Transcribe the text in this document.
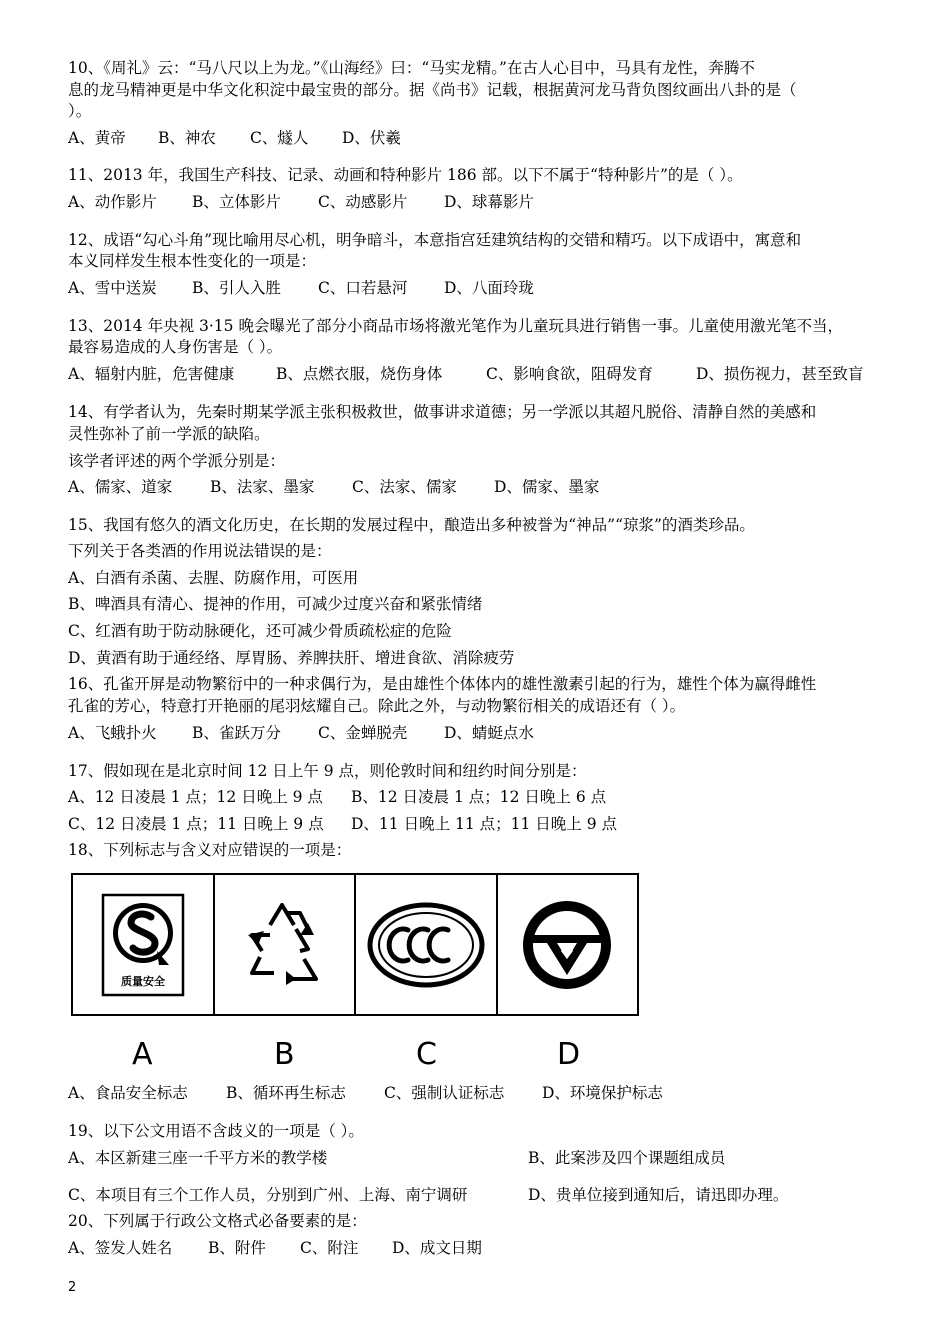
10、《周礼》云：“马八尺以上为龙。”《山海经》曰：“马实龙精。”在古人心目中，马具有龙性，奔腾不
息的龙马精神更是中华文化积淀中最宝贵的部分。据《尚书》记载，根据黄河龙马背负图纹画出八卦的是（
）。
A、黄帝 B、神农 C、燧人 D、伏羲
11、2013 年，我国生产科技、记录、动画和特种影片 186 部。以下不属于“特种影片”的是（ ）。
A、动作影片 B、立体影片 C、动感影片 D、球幕影片
12、成语“勾心斗角”现比喻用尽心机，明争暗斗，本意指宫廷建筑结构的交错和精巧。以下成语中，寓意和
本义同样发生根本性变化的一项是：
A、雪中送炭 B、引人入胜 C、口若悬河 D、八面玲珑
13、2014 年央视 3·15 晚会曝光了部分小商品市场将激光笔作为儿童玩具进行销售一事。儿童使用激光笔不当，
最容易造成的人身伤害是（ ）。
A、辐射内脏，危害健康	B、点燃衣服，烧伤身体	C、影响食欲，阻碍发育	D、损伤视力，甚至致盲
14、有学者认为，先秦时期某学派主张积极救世，做事讲求道德；另一学派以其超凡脱俗、清静自然的美感和
灵性弥补了前一学派的缺陷。
该学者评述的两个学派分别是：
A、儒家、道家 B、法家、墨家 C、法家、儒家 D、儒家、墨家
15、我国有悠久的酒文化历史，在长期的发展过程中，酿造出多种被誉为“神品”“琼浆”的酒类珍品。
下列关于各类酒的作用说法错误的是：
A、白酒有杀菌、去腥、防腐作用，可医用
B、啤酒具有清心、提神的作用，可减少过度兴奋和紧张情绪
C、红酒有助于防动脉硬化，还可减少骨质疏松症的危险
D、黄酒有助于通经络、厚胃肠、养脾扶肝、增进食欲、消除疲劳
16、孔雀开屏是动物繁衍中的一种求偶行为，是由雄性个体体内的雄性激素引起的行为，雄性个体为赢得雌性
孔雀的芳心，特意打开艳丽的尾羽炫耀自己。除此之外，与动物繁衍相关的成语还有（ ）。
A、飞蛾扑火 B、雀跃万分 C、金蝉脱壳 D、蜻蜓点水
17、假如现在是北京时间 12 日上午 9 点，则伦敦时间和纽约时间分别是：
A、12 日凌晨 1 点；12 日晚上 9 点 B、12 日凌晨 1 点；12 日晚上 6 点
C、12 日凌晨 1 点；11 日晚上 9 点 D、11 日晚上 11 点；11 日晚上 9 点
18、下列标志与含义对应错误的一项是：
质量安全
A	B	C	D
A、食品安全标志 B、循环再生标志 C、强制认证标志 D、环境保护标志
19、以下公文用语不含歧义的一项是（ ）。
A、本区新建三座一千平方米的教学楼	B、此案涉及四个课题组成员
C、本项目有三个工作人员，分别到广州、上海、南宁调研	D、贵单位接到通知后，请迅即办理。
20、下列属于行政公文格式必备要素的是：
A、签发人姓名 B、附件 C、附注 D、成文日期
2
